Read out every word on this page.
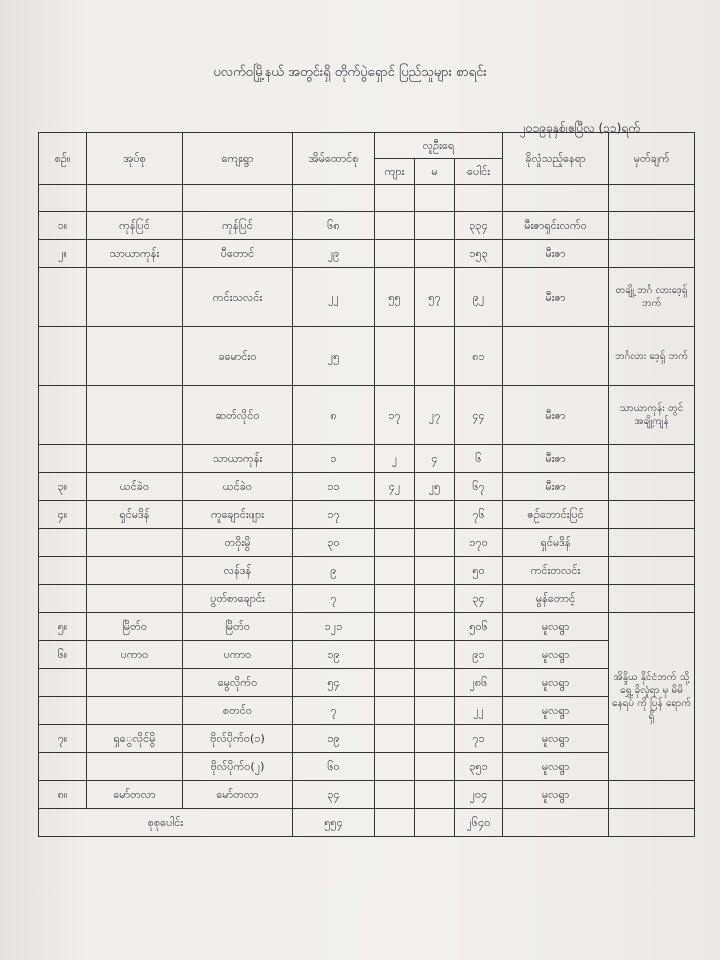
ပလက်ဝမြို့နယ် အတွင်းရှိ တိုက်ပွဲရှောင် ပြည်သူများ စာရင်း
၂၀၁၉ခုနှစ်၊ဧပြီလ (၁၁)ရက်
စဉ်။	အုပ်စု	ကျေးရွာ	အိမ်ထောင်စု	လူဦးရေ			ခိုလှုံသည့်နေရာ	မှတ်ချက်
				ကျား	မ	ပေါင်း		

၁။	ကုန်ပြင်	ကုန်ပြင်	၆၈			၃၃၄	မီးဇာရှင်းလက်ဝ	
၂။	သာယာကုန်း	ပီတောင်	၂၉			၁၅၃	မီးဇာ	
		ကင်းသလင်း	၂၂	၅၅	၅၇	၉၂	မီးဇာ	တချို့ ဘင်္ဂ လားဒေ့ရှ်ဘက်
		ခမောင်းဝ	၂၅			၈၁		ဘင်္ဂလား ဒေ့ရှ် ဘက်
		ဆတ်လိုင်ဝ	၈	၁၇	၂၇	၄၄	မီးဇာ	သာယာကုန်း တွင်အချို့ကျန်
		သာယာကုန်း	၁	၂	၄	၆	မီးဇာ	
၃။	ယင်ခဲဝ	ယင်ခဲဝ	၁၁	၄၂	၂၅	၆၇	မီးဇာ	
၄။	ရှင်မဒိန်	ကူချောင်းဖျား	၁၇			၇၆	ဇဉ်ဘောင်းပြင်	
		တဝိုးမွိ	၃၀			၁၇၀	ရှင်မဒိန်	
		လန်ဒန်	၉			၅၀	ကင်းတလင်း	
		ပွတ်စာချောင်း	၇			၃၄	မွန်တောင့်	
၅။	မြိတ်ဝ	မြိတ်ဝ	၁၂၁			၅၀၆	မူလရွာ	အိန္ဒိယ နိုင်ငံဘက် သို့ ရွှေ့ ခိုလှုံရာ မှ မိမိနေရပ် ကို ပြန် ရောက်ရှိ
၆။	ပကာဝ	ပကာဝ	၁၉			၉၁	မူလရွာ	
		မွေလိုက်ဝ	၅၄			၂၈၆	မူလရွာ	
		စတင်ဝ	၇			၂၂	မူလရွာ	
၇။	ရှွေလိုင်မွိ	ဗိုလ်ပိုက်ဝ(၁)	၁၉			၇၁	မူလရွာ	
		ဗိုလ်ပိုက်ဝ(၂)	၆၀			၃၅၁	မူလရွာ	
၈။	မော်တလာ	မော်တလာ	၃၄			၂၀၄	မူလရွာ	
စုစုပေါင်း			၅၅၄			၂၆၄၀		
